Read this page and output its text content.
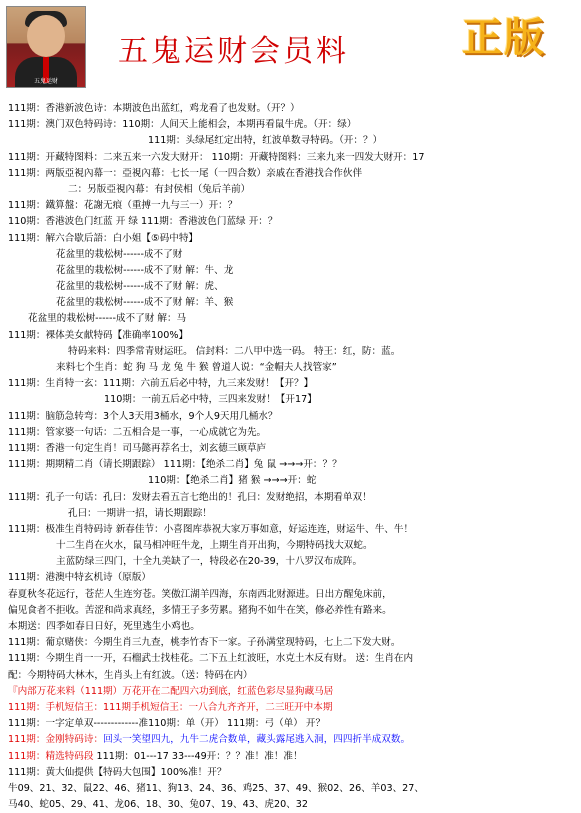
五鬼运财
五鬼运财会员料	正版
111期：香港新波色诗：本期波色出蓝红，鸡龙看了也发财。（开？）
111期：澳门双色特码诗：110期：人间天上能相会，本期再看鼠牛虎。（开：绿）
111期：头绿尾红定出特，红波单数寻特码。（开：？）
111期：开藏特图料：二来五来一六发大财开： 110期：开藏特图料：三来九来一四发大财开：17
111期：两版亞視內幕一：亞視內幕：七长一尾（一四合数）亲戚在香港找合作伙伴
二：另版亞視內幕：有封侯相（兔后羊前）
111期：鐵算盤：花謝无痕（重搏一九与三一）开：？
110期：香港波色门红蓝 开 绿 111期：香港波色门蓝绿 开：？
111期：解六合歇后語：白小姐【⑤码中特】
花盆里的栽松树------成不了财
花盆里的栽松树------成不了财 解：牛、龙
花盆里的栽松树------成不了财 解：虎、
花盆里的栽松树------成不了财 解：羊、猴
花盆里的栽松树------成不了财 解：马
111期：裸体美女献特码【准确率100%】
特码来料：四季常青财运旺。 信封料：二八甲中选一码。 特王：红，防：蓝。
来料七个生肖：蛇 狗 马 龙 兔 牛 猴 曾道人说：“金帽夫人找管家”
111期：生肖特一玄：111期：六前五后必中特，九三来发财！【开？】
110期：一前五后必中特，三四来发财！【开17】
111期：脑筋急转弯：3个人3天用3桶水，9个人9天用几桶水？
111期：管家婆一句话：二五相合是一事，一心成就它为先。
111期：香港一句定生肖！司马懿再荐名士，刘玄德三顾草庐
111期：期期精二肖（请长期跟踪） 111期：【绝杀二肖】兔 鼠 →→→开：？？
110期：【绝杀二肖】猪 猴 →→→开：蛇
111期：孔子一句话：孔曰：发财去看五言七绝出的！孔曰：发财绝招，本期看单双！
孔曰：一期讲一招，请长期跟踪！
111期：极准生肖特码诗 新春佳节：小喜图库恭祝大家万事如意，好运连连，财运牛、牛、牛！
十二生肖在火水，鼠马相冲旺牛龙，上期生肖开出狗，今期特码找大双蛇。
主蓝防绿三四门，十全九美缺了一，特段必在20-39，十八罗汉布成阵。
111期：港澳中特玄机诗（原版）
春夏秋冬花远行，苍茫人生连穷苍。笑傲江湖羊四海，东南西北财源进。日出方醒兔床前，
偏见食者不拒收。苦涩和尚求真经，多情王子多劳累。猪狗不如牛在笑，修必养性有路来。
本期送：四季如春日日好，死里逃生小鸡也。
111期：葡京赌侠：今期生肖三九查，桃李竹杏下一家。子孙满堂现特码，七上二下发大财。
111期：今期生肖一一开，石榴武士找桂花。二下五上红波旺，水克土木反有财。 送：生肖在内
配：今期特码大林木，生肖头上有红波。（送：特码在内）
『内部万花来料（111期）万花开在二配四六功到底，红蓝色彩尽显狗藏马居
111期：手机短信王：111期手机短信王：一八合九齐齐开，二三旺开中本期
111期：一字定单双-------------准110期：单（开） 111期：弓（单） 开？
111期：金刚特码诗：回头一笑望四九，九牛二虎合数单，藏头露尾逃入洞，四四折半成双数。
111期：精选特码段 111期：01---17 33---49开：？？准！准！准！
111期：黄大仙提供【特码大包围】100%准！开？
牛09、21、32、鼠22、46、猪11、狗13、24、36、鸡25、37、49、猴02、26、羊03、27、
马40、蛇05、29、41、龙06、18、30、兔07、19、43、虎20、32
